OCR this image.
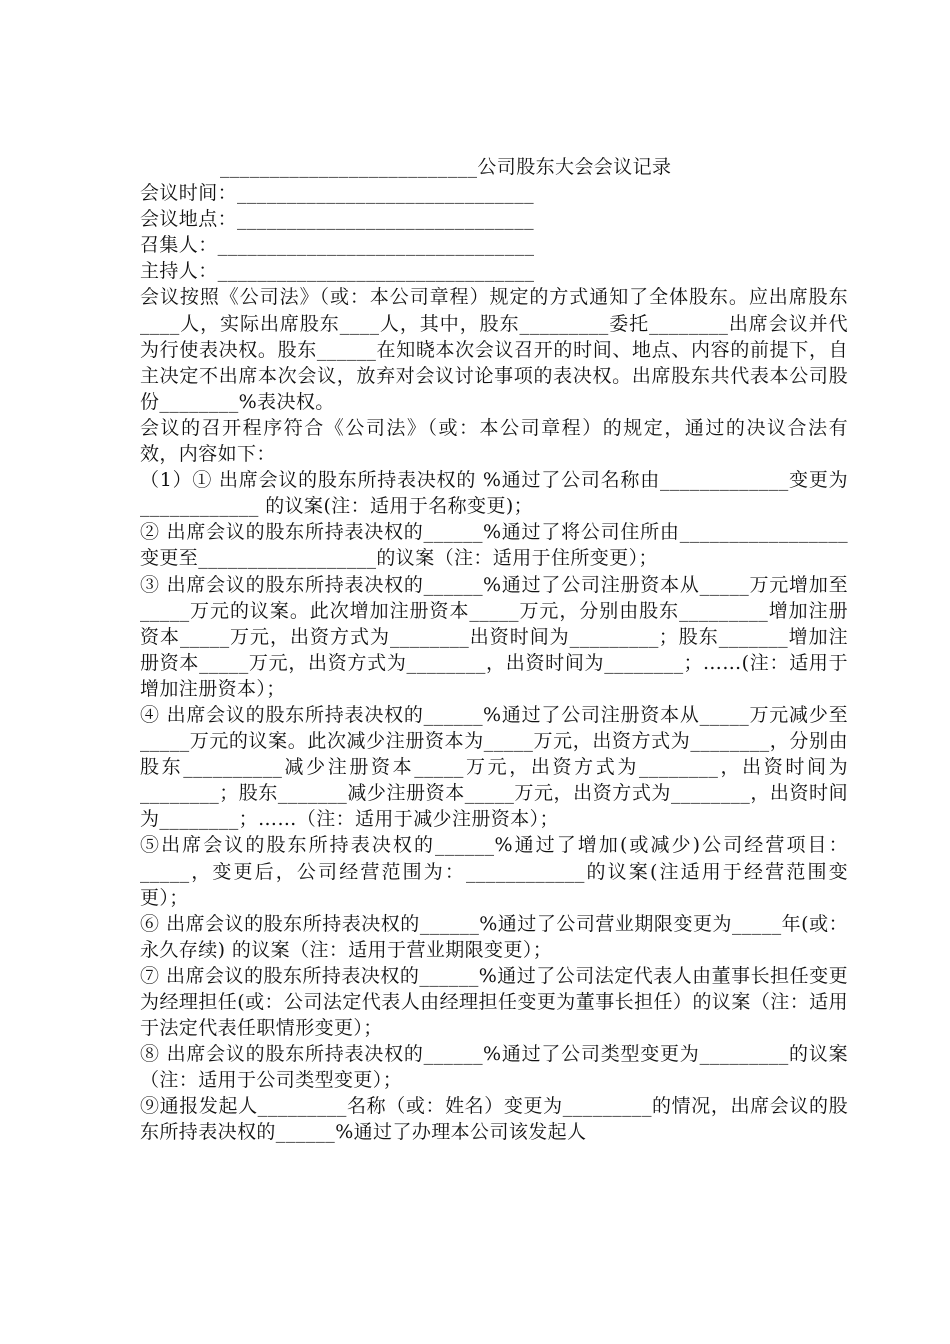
__________________________公司股东大会会议记录

会议时间：______________________________

会议地点：______________________________

召集人：________________________________

主持人：________________________________

会议按照《公司法》（或：本公司章程）规定的方式通知了全体股东。应出席股东 ____人，实际出席股东____人，其中，股东_________委托________出席会议并代为行使表决权。股东______在知晓本次会议召开的时间、地点、内容的前提下，自主决定不出席本次会议，放弃对会议讨论事项的表决权。出席股东共代表本公司股份________%表决权。

会议的召开程序符合《公司法》（或：本公司章程）的规定，通过的决议合法有效，内容如下：

（1）① 出席会议的股东所持表决权的 %通过了公司名称由_____________变更为____________ 的议案(注：适用于名称变更)；

② 出席会议的股东所持表决权的______%通过了将公司住所由_________________变更至__________________的议案（注：适用于住所变更）；

③ 出席会议的股东所持表决权的______%通过了公司注册资本从_____万元增加至_____万元的议案。此次增加注册资本_____万元，分别由股东_________增加注册资本_____万元，出资方式为________出资时间为_________；股东_______增加注册资本_____万元，出资方式为________，出资时间为________；……(注：适用于增加注册资本）；

④ 出席会议的股东所持表决权的______%通过了公司注册资本从_____万元减少至_____万元的议案。此次减少注册资本为_____万元，出资方式为________，分别由股东__________减少注册资本_____万元，出资方式为________，出资时间为________；股东_______减少注册资本_____万元，出资方式为________，出资时间为________；……（注：适用于减少注册资本）；

⑤出席会议的股东所持表决权的______%通过了增加(或减少)公司经营项目：_____，变更后，公司经营范围为：____________的议案(注适用于经营范围变更）；

⑥ 出席会议的股东所持表决权的______%通过了公司营业期限变更为_____年(或：永久存续) 的议案（注：适用于营业期限变更）；

⑦ 出席会议的股东所持表决权的______%通过了公司法定代表人由董事长担任变更为经理担任(或：公司法定代表人由经理担任变更为董事长担任）的议案（注：适用于法定代表任职情形变更）；

⑧ 出席会议的股东所持表决权的______%通过了公司类型变更为_________的议案（注：适用于公司类型变更）；

⑨通报发起人_________名称（或：姓名）变更为_________的情况，出席会议的股东所持表决权的______%通过了办理本公司该发起人
